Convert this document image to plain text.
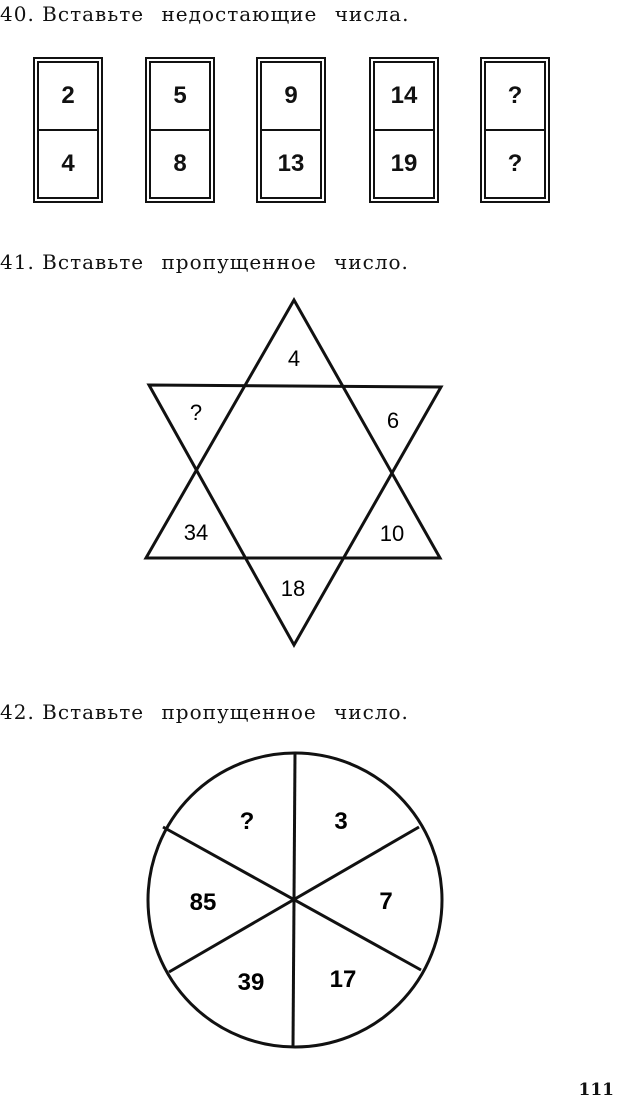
40. Вставьте недостающие числа.
2
4
5
8
9
13
14
19
?
?
41. Вставьте пропущенное число.
4
6
?
34	10
18
?	3
7
85
39	17
42. Вставьте пропущенное число.
111
